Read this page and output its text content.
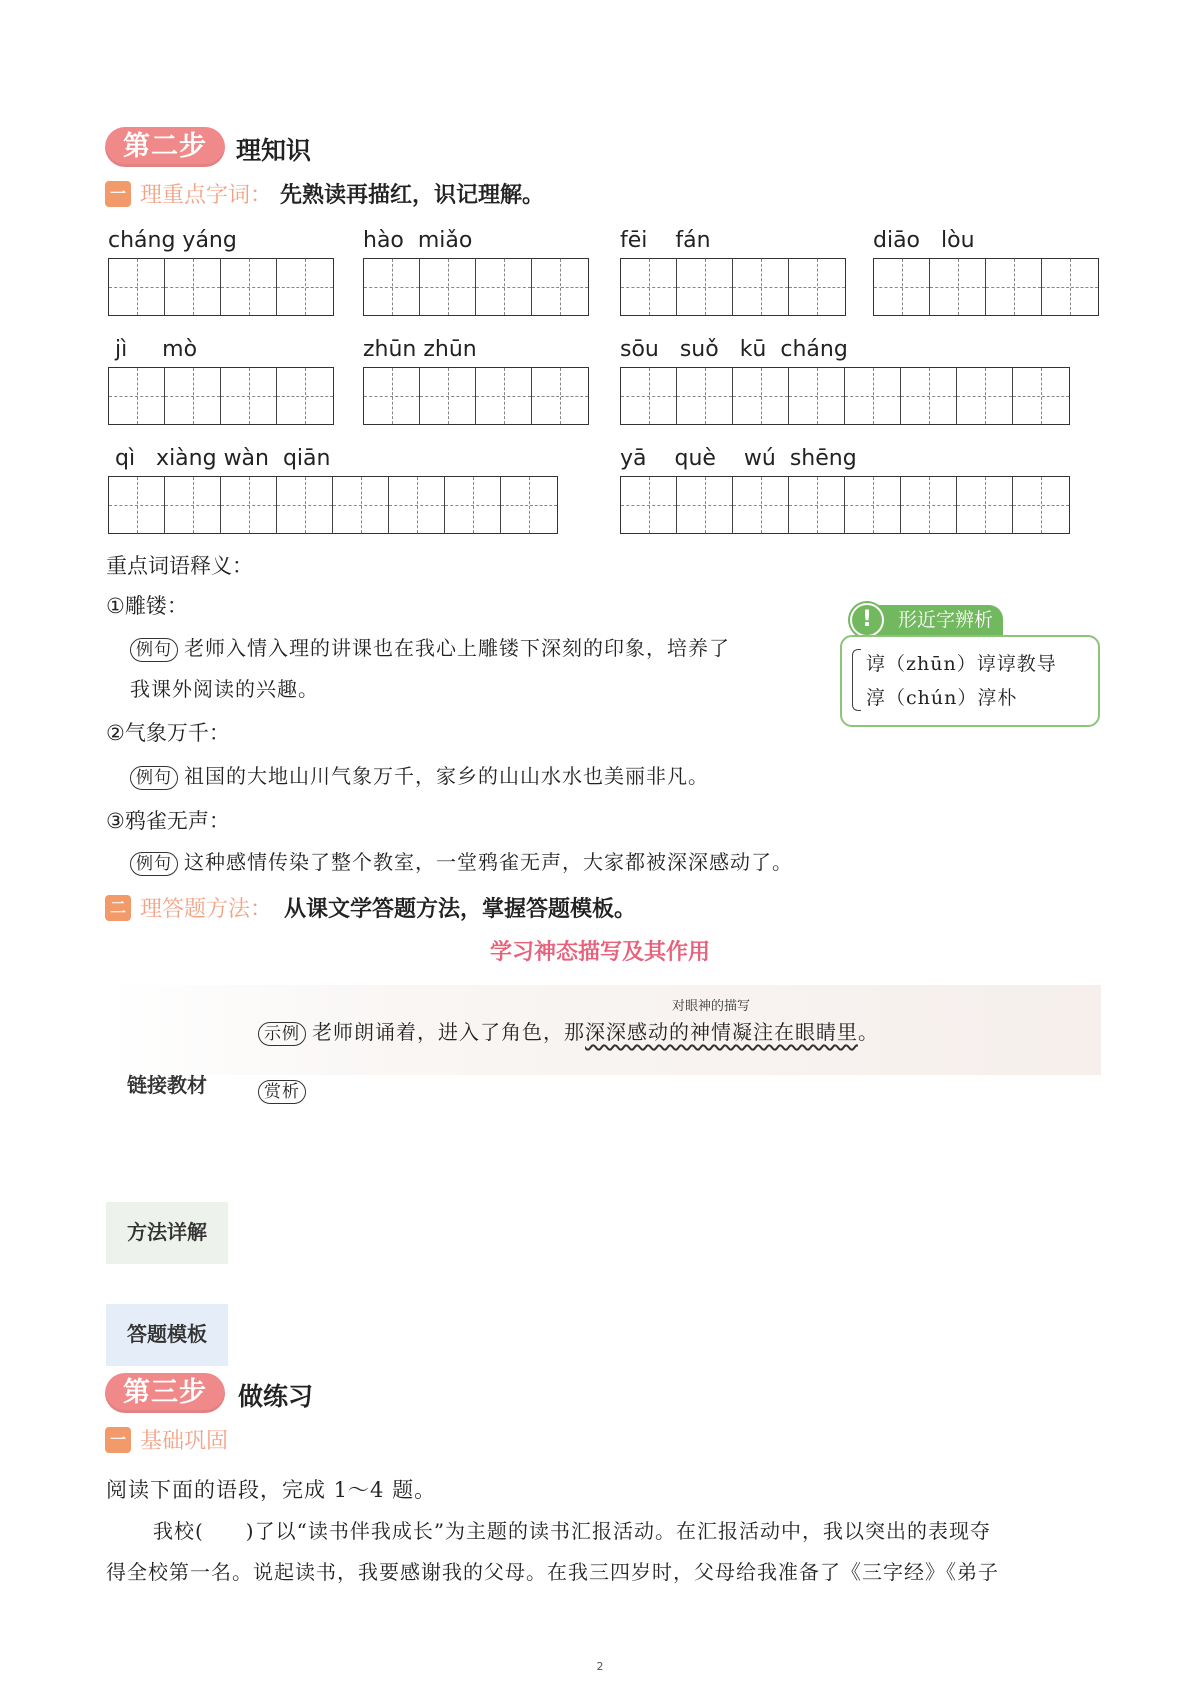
第二步	理知识
一 理重点字词： 先熟读再描红，识记理解。
cháng yáng	hào  miǎo	fēi    fán	diāo   lòu
jì     mò	zhūn zhūn	sōu   suǒ   kū  cháng
qì   xiàng wàn  qiān	yā    què    wú  shēng
重点词语释义：
①雕镂：
例句 老师入情入理的讲课也在我心上雕镂下深刻的印象，培养了
我课外阅读的兴趣。
②气象万千：
例句 祖国的大地山川气象万千，家乡的山山水水也美丽非凡。
③鸦雀无声：
例句 这种感情传染了整个教室，一堂鸦雀无声，大家都被深深感动了。
形近字辨析
!
谆（zhūn）谆谆教导
淳（chún）淳朴
二 理答题方法： 从课文学答题方法，掌握答题模板。
学习神态描写及其作用
对眼神的描写
示例 老师朗诵着，进入了角色，那深深感动的神情凝注在眼睛里。
链接教材	赏析
方法详解
答题模板
第三步	做练习
一 基础巩固
阅读下面的语段，完成 1～4 题。
我校(　　)了以“读书伴我成长”为主题的读书汇报活动。在汇报活动中，我以突出的表现夺
得全校第一名。说起读书，我要感谢我的父母。在我三四岁时，父母给我准备了《三字经》《弟子
2
